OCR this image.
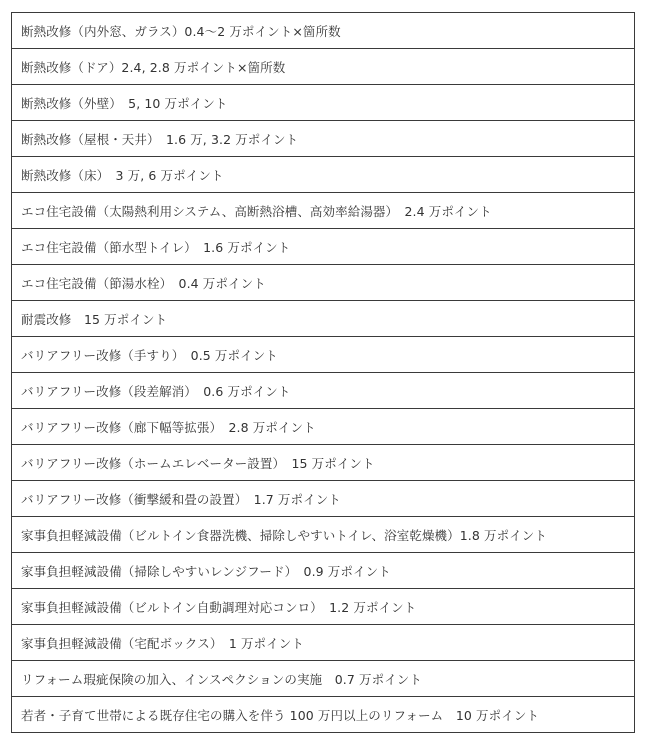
断熱改修（内外窓、ガラス）0.4～2 万ポイント×箇所数
断熱改修（ドア）2.4, 2.8 万ポイント×箇所数
断熱改修（外壁）　5, 10 万ポイント
断熱改修（屋根・天井）　1.6 万, 3.2 万ポイント
断熱改修（床）　3 万, 6 万ポイント
エコ住宅設備（太陽熱利用システム、高断熱浴槽、高効率給湯器）　2.4 万ポイント
エコ住宅設備（節水型トイレ）　1.6 万ポイント
エコ住宅設備（節湯水栓）　0.4 万ポイント
耐震改修　15 万ポイント
バリアフリー改修（手すり）　0.5 万ポイント
バリアフリー改修（段差解消）　0.6 万ポイント
バリアフリー改修（廊下幅等拡張）　2.8 万ポイント
バリアフリー改修（ホームエレベーター設置）　15 万ポイント
バリアフリー改修（衝撃緩和畳の設置）　1.7 万ポイント
家事負担軽減設備（ビルトイン食器洗機、掃除しやすいトイレ、浴室乾燥機）1.8 万ポイント
家事負担軽減設備（掃除しやすいレンジフード）　0.9 万ポイント
家事負担軽減設備（ビルトイン自動調理対応コンロ）　1.2 万ポイント
家事負担軽減設備（宅配ボックス）　1 万ポイント
リフォーム瑕疵保険の加入、インスペクションの実施　0.7 万ポイント
若者・子育て世帯による既存住宅の購入を伴う 100 万円以上のリフォーム　10 万ポイント
